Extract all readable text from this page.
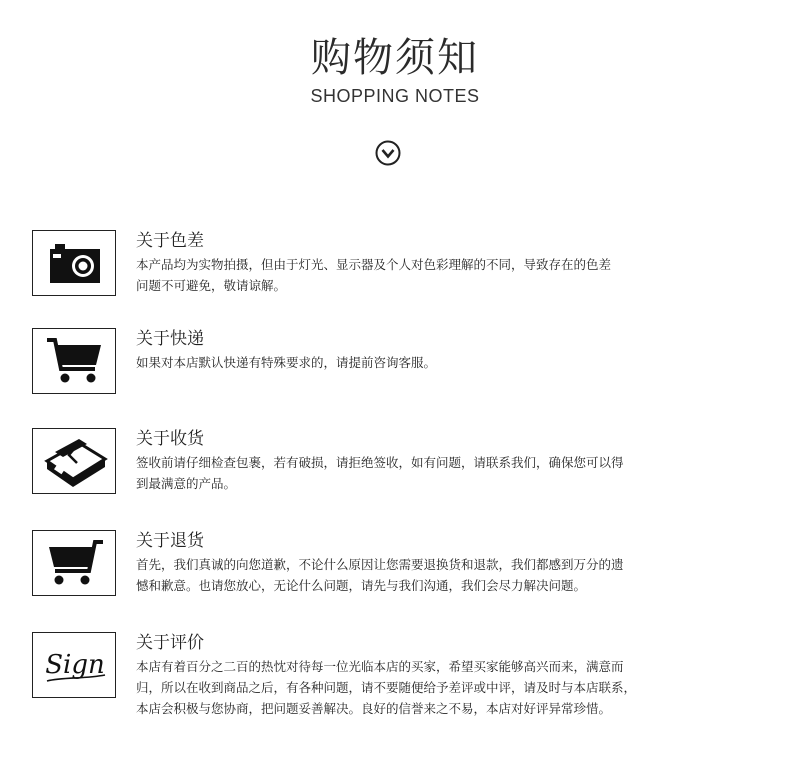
购物须知
SHOPPING NOTES
关于色差

本产品均为实物拍摄，但由于灯光、显示器及个人对色彩理解的不同，导致存在的色差

问题不可避免，敬请谅解。

关于快递

如果对本店默认快递有特殊要求的，请提前咨询客服。

关于收货

签收前请仔细检查包裹，若有破损，请拒绝签收，如有问题，请联系我们，确保您可以得

到最满意的产品。

关于退货

首先，我们真诚的向您道歉，不论什么原因让您需要退换货和退款，我们都感到万分的遗

憾和歉意。也请您放心，无论什么问题，请先与我们沟通，我们会尽力解决问题。

Sign
关于评价

本店有着百分之二百的热忱对待每一位光临本店的买家，希望买家能够高兴而来，满意而

归，所以在收到商品之后，有各种问题，请不要随便给予差评或中评，请及时与本店联系，

本店会积极与您协商，把问题妥善解决。良好的信誉来之不易，本店对好评异常珍惜。
